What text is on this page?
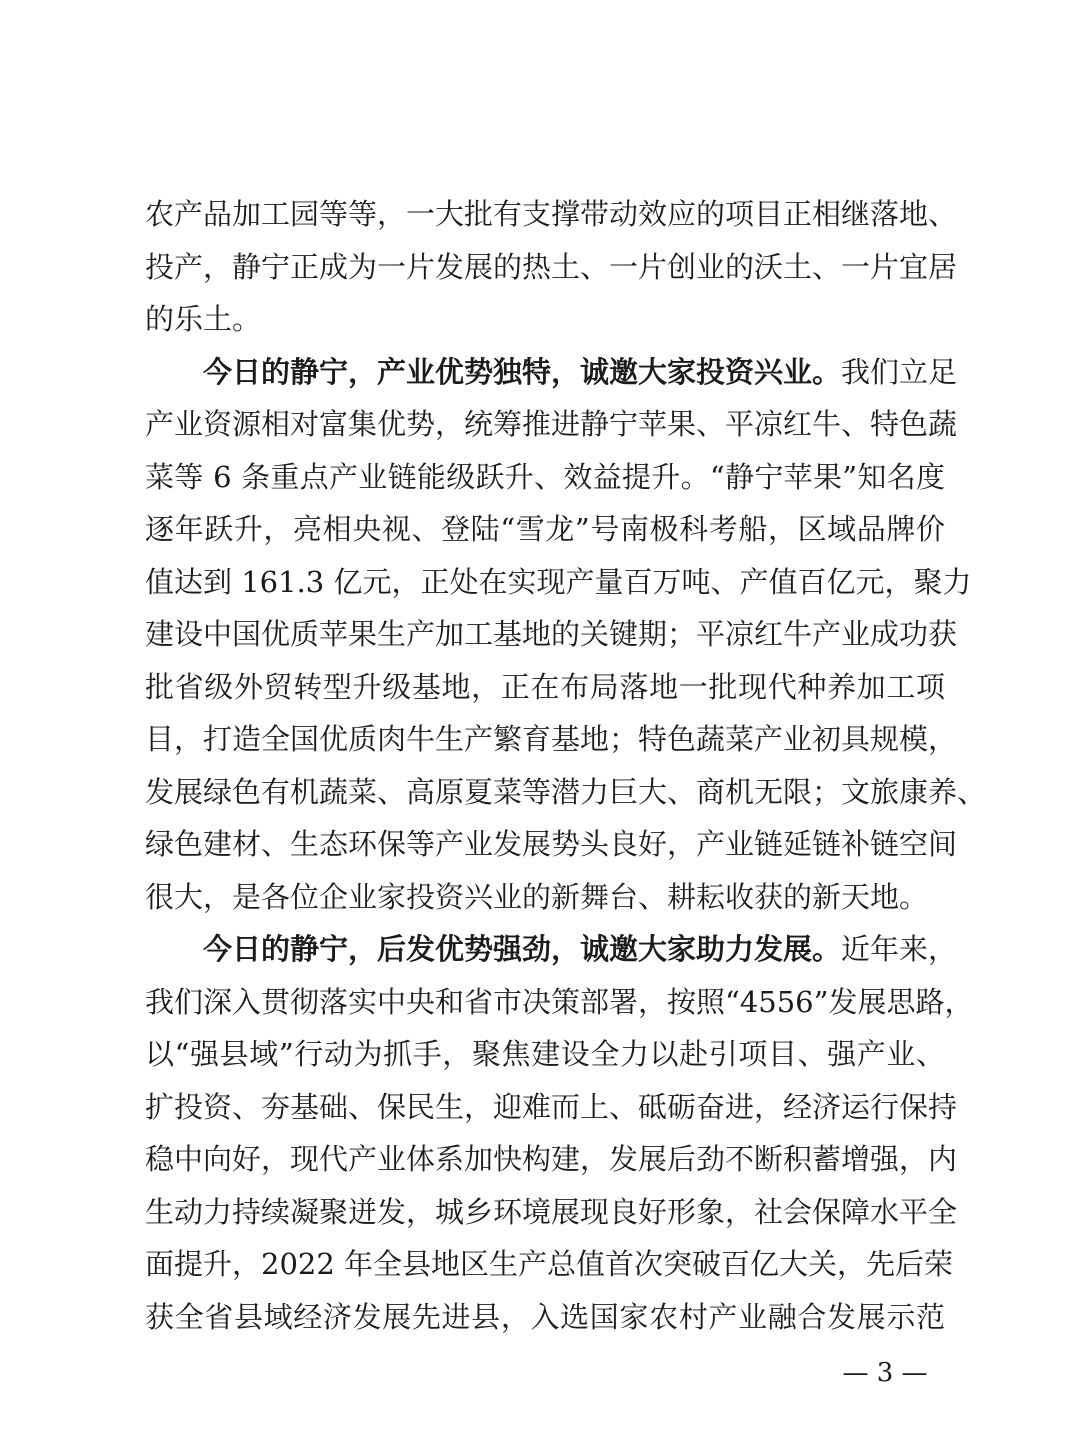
农产品加工园等等，一大批有支撑带动效应的项目正相继落地、
投产，静宁正成为一片发展的热土、一片创业的沃土、一片宜居
的乐土。
　　今日的静宁，产业优势独特，诚邀大家投资兴业。我们立足
产业资源相对富集优势，统筹推进静宁苹果、平凉红牛、特色蔬
菜等 6 条重点产业链能级跃升、效益提升。“静宁苹果”知名度
逐年跃升，亮相央视、登陆“雪龙”号南极科考船，区域品牌价
值达到 161.3 亿元，正处在实现产量百万吨、产值百亿元，聚力
建设中国优质苹果生产加工基地的关键期；平凉红牛产业成功获
批省级外贸转型升级基地，正在布局落地一批现代种养加工项
目，打造全国优质肉牛生产繁育基地；特色蔬菜产业初具规模，
发展绿色有机蔬菜、高原夏菜等潜力巨大、商机无限；文旅康养、
绿色建材、生态环保等产业发展势头良好，产业链延链补链空间
很大，是各位企业家投资兴业的新舞台、耕耘收获的新天地。
　　今日的静宁，后发优势强劲，诚邀大家助力发展。近年来，
我们深入贯彻落实中央和省市决策部署，按照“4556”发展思路，
以“强县域”行动为抓手，聚焦建设全力以赴引项目、强产业、
扩投资、夯基础、保民生，迎难而上、砥砺奋进，经济运行保持
稳中向好，现代产业体系加快构建，发展后劲不断积蓄增强，内
生动力持续凝聚迸发，城乡环境展现良好形象，社会保障水平全
面提升，2022 年全县地区生产总值首次突破百亿大关，先后荣
获全省县域经济发展先进县，入选国家农村产业融合发展示范
— 3 —
